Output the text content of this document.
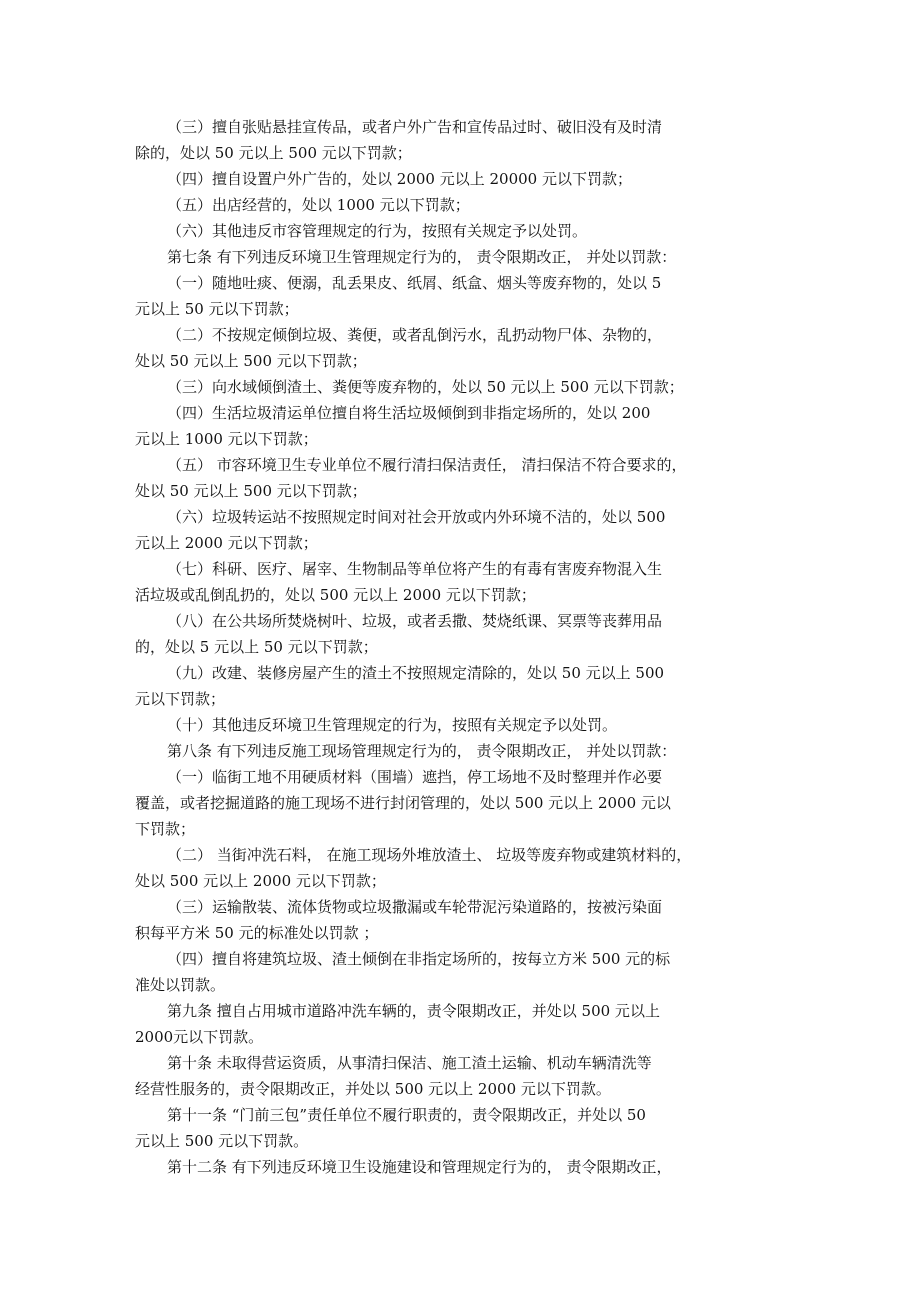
（三）擅自张贴悬挂宣传品，或者户外广告和宣传品过时、破旧没有及时清
除的，处以 50 元以上 500 元以下罚款；
（四）擅自设置户外广告的，处以 2000 元以上 20000 元以下罚款；
（五）出店经营的，处以 1000 元以下罚款；
（六）其他违反市容管理规定的行为，按照有关规定予以处罚。
第七条 有下列违反环境卫生管理规定行为的， 责令限期改正， 并处以罚款：
（一）随地吐痰、便溺，乱丢果皮、纸屑、纸盒、烟头等废弃物的，处以 5
元以上 50 元以下罚款；
（二）不按规定倾倒垃圾、粪便，或者乱倒污水，乱扔动物尸体、杂物的，
处以 50 元以上 500 元以下罚款；
（三）向水域倾倒渣土、粪便等废弃物的，处以 50 元以上 500 元以下罚款；
（四）生活垃圾清运单位擅自将生活垃圾倾倒到非指定场所的，处以 200
元以上 1000 元以下罚款；
（五） 市容环境卫生专业单位不履行清扫保洁责任， 清扫保洁不符合要求的，
处以 50 元以上 500 元以下罚款；
（六）垃圾转运站不按照规定时间对社会开放或内外环境不洁的，处以 500
元以上 2000 元以下罚款；
（七）科研、医疗、屠宰、生物制品等单位将产生的有毒有害废弃物混入生
活垃圾或乱倒乱扔的，处以 500 元以上 2000 元以下罚款；
（八）在公共场所焚烧树叶、垃圾，或者丢撒、焚烧纸课、冥票等丧葬用品
的，处以 5 元以上 50 元以下罚款；
（九）改建、装修房屋产生的渣土不按照规定清除的，处以 50 元以上 500
元以下罚款；
（十）其他违反环境卫生管理规定的行为，按照有关规定予以处罚。
第八条 有下列违反施工现场管理规定行为的， 责令限期改正， 并处以罚款：
（一）临街工地不用硬质材料（围墙）遮挡，停工场地不及时整理并作必要
覆盖，或者挖掘道路的施工现场不进行封闭管理的，处以 500 元以上 2000 元以
下罚款；
（二） 当街冲洗石料， 在施工现场外堆放渣土、 垃圾等废弃物或建筑材料的，
处以 500 元以上 2000 元以下罚款；
（三）运输散装、流体货物或垃圾撒漏或车轮带泥污染道路的，按被污染面
积每平方米 50 元的标准处以罚款 ；
（四）擅自将建筑垃圾、渣土倾倒在非指定场所的，按每立方米 500 元的标
准处以罚款。
第九条 擅自占用城市道路冲洗车辆的，责令限期改正，并处以 500 元以上
2000元以下罚款。
第十条 未取得营运资质，从事清扫保洁、施工渣土运输、机动车辆清洗等
经营性服务的，责令限期改正，并处以 500 元以上 2000 元以下罚款。
第十一条 “门前三包”责任单位不履行职责的，责令限期改正，并处以 50
元以上 500 元以下罚款。
第十二条 有下列违反环境卫生设施建设和管理规定行为的， 责令限期改正，
